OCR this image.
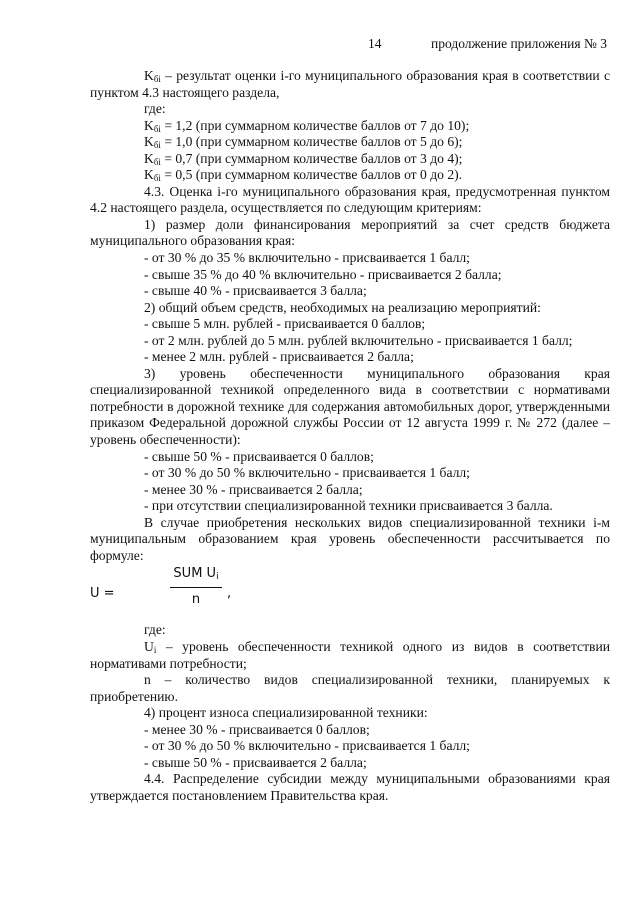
14	продолжение приложения № 3

$K_{бi}$ – результат оценки i-го муниципального образования края в соответствии с пунктом 4.3 настоящего раздела,

где:

$K_{бi} = 1,2$ (при суммарном количестве баллов от 7 до 10);

$K_{бi} = 1,0$ (при суммарном количестве баллов от 5 до 6);

$K_{бi} = 0,7$ (при суммарном количестве баллов от 3 до 4);

$K_{бi} = 0,5$ (при суммарном количестве баллов от 0 до 2).

4.3. Оценка i-го муниципального образования края, предусмотренная пунктом 4.2 настоящего раздела, осуществляется по следующим критериям:

1) размер доли финансирования мероприятий за счет средств бюджета муниципального образования края:

- от 30 % до 35 % включительно - присваивается 1 балл;

- свыше 35 % до 40 % включительно - присваивается 2 балла;

- свыше 40 % - присваивается 3 балла;

2) общий объем средств, необходимых на реализацию мероприятий:

- свыше 5 млн. рублей - присваивается 0 баллов;

- от 2 млн. рублей до 5 млн. рублей включительно - присваивается 1 балл;

- менее 2 млн. рублей - присваивается 2 балла;

3) уровень обеспеченности муниципального образования края специализированной техникой определенного вида в соответствии с нормативами потребности в дорожной технике для содержания автомобильных дорог, утвержденными приказом Федеральной дорожной службы России от 12 августа 1999 г. № 272 (далее – уровень обеспеченности):

- свыше 50 % - присваивается 0 баллов;

- от 30 % до 50 % включительно - присваивается 1 балл;

- менее 30 % - присваивается 2 балла;

- при отсутствии специализированной техники присваивается 3 балла.

В случае приобретения нескольких видов специализированной техники i-м муниципальным образованием края уровень обеспеченности рассчитывается по формуле:

U =
SUM $U_i$
n	,

где:

$U_i$ – уровень обеспеченности техникой одного из видов в соответствии нормативами потребности;

n – количество видов специализированной техники, планируемых к приобретению.

4) процент износа специализированной техники:

- менее 30 % - присваивается 0 баллов;

- от 30 % до 50 % включительно - присваивается 1 балл;

- свыше 50 % - присваивается 2 балла;

4.4. Распределение субсидии между муниципальными образованиями края утверждается постановлением Правительства края.
